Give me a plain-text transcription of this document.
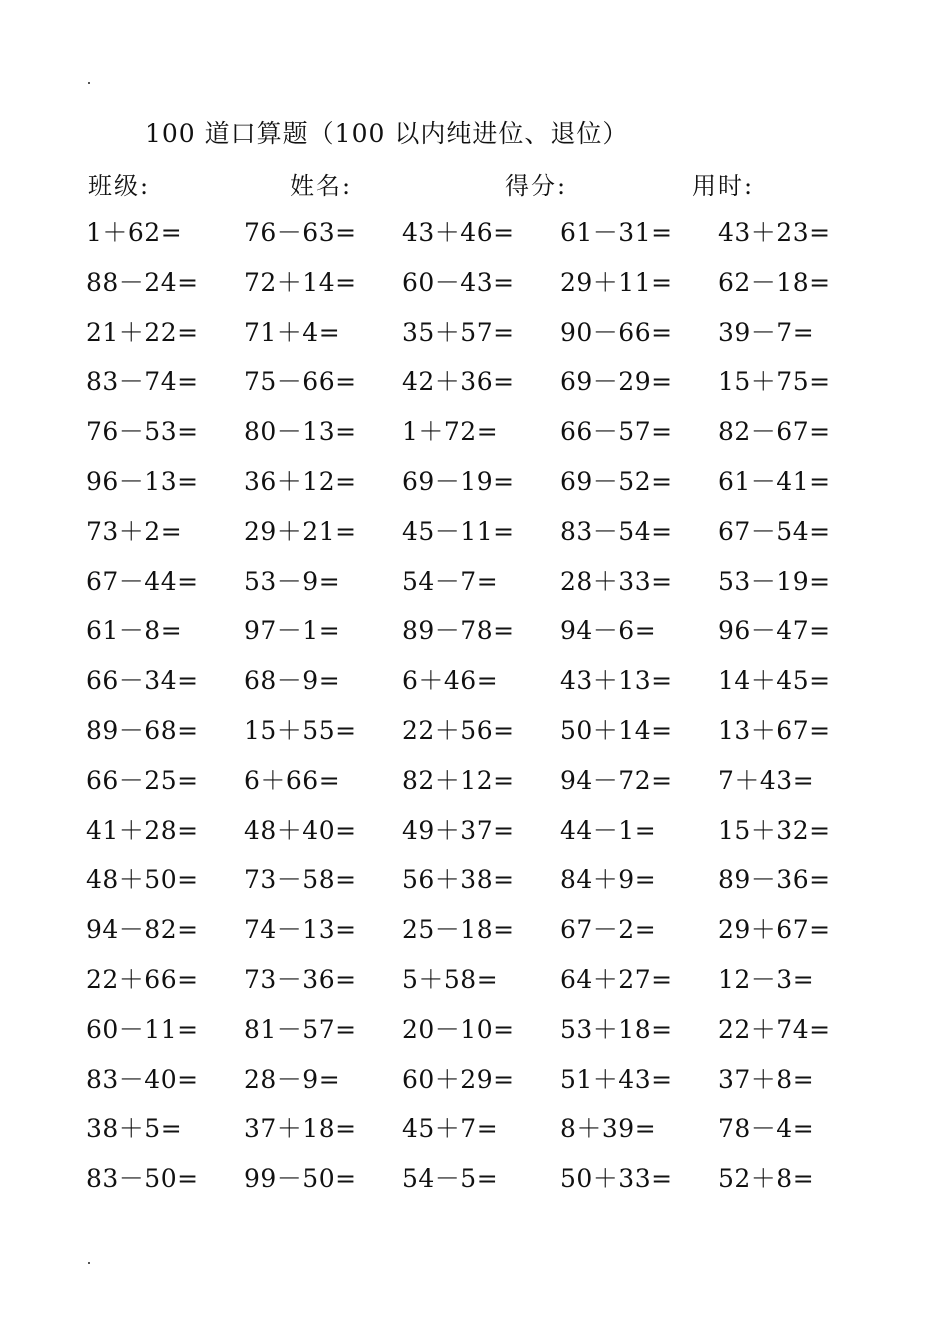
100 道口算题（100 以内纯进位、退位）
班级:	姓名:	得分:	用时:
1＋62=	76－63=	43＋46=	61－31=	43＋23=
88－24=	72＋14=	60－43=	29＋11=	62－18=
21＋22=	71＋4=	35＋57=	90－66=	39－7=
83－74=	75－66=	42＋36=	69－29=	15＋75=
76－53=	80－13=	1＋72=	66－57=	82－67=
96－13=	36＋12=	69－19=	69－52=	61－41=
73＋2=	29＋21=	45－11=	83－54=	67－54=
67－44=	53－9=	54－7=	28＋33=	53－19=
61－8=	97－1=	89－78=	94－6=	96－47=
66－34=	68－9=	6＋46=	43＋13=	14＋45=
89－68=	15＋55=	22＋56=	50＋14=	13＋67=
66－25=	6＋66=	82＋12=	94－72=	7＋43=
41＋28=	48＋40=	49＋37=	44－1=	15＋32=
48＋50=	73－58=	56＋38=	84＋9=	89－36=
94－82=	74－13=	25－18=	67－2=	29＋67=
22＋66=	73－36=	5＋58=	64＋27=	12－3=
60－11=	81－57=	20－10=	53＋18=	22＋74=
83－40=	28－9=	60＋29=	51＋43=	37＋8=
38＋5=	37＋18=	45＋7=	8＋39=	78－4=
83－50=	99－50=	54－5=	50＋33=	52＋8=
